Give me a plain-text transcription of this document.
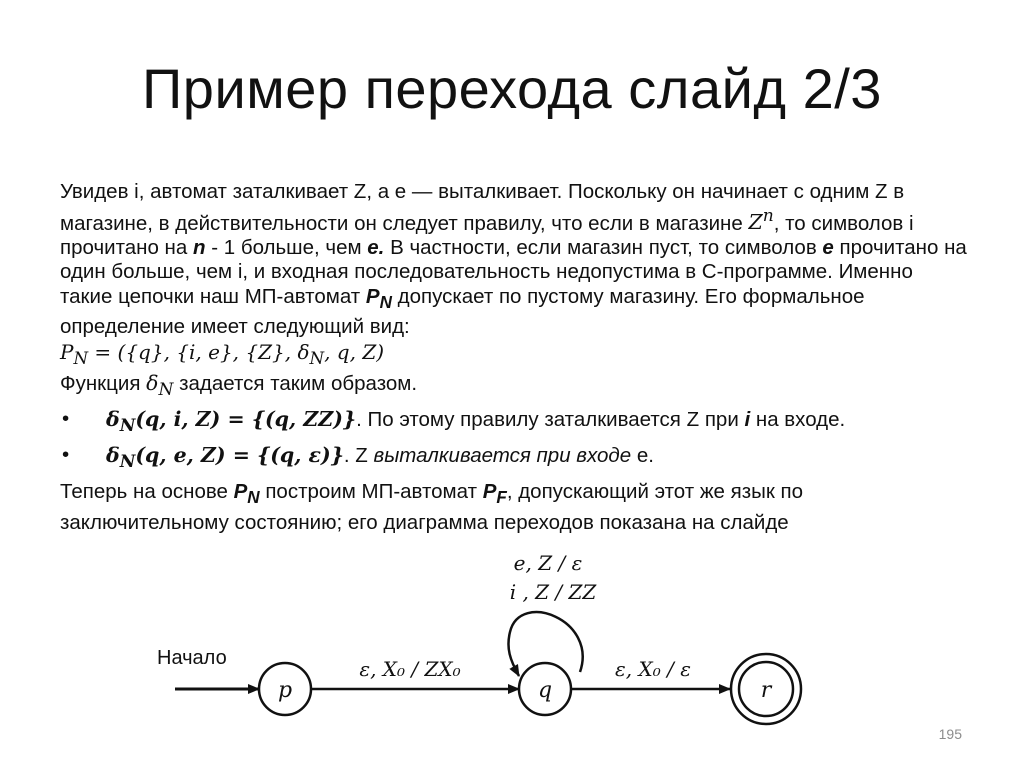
Пример перехода слайд 2/3

Увидев i, автомат заталкивает Z, а e — выталкивает. Поскольку он начинает с одним Z в магазине, в действительности он следует правилу, что если в магазине $Z^n$, то символов i прочитано на n - 1 больше, чем e. В частности, если магазин пуст, то символов e прочитано на один больше, чем i, и входная последовательность недопустима в С-программе. Именно такие цепочки наш МП-автомат $P_N$ допускает по пустому магазину. Его формальное определение имеет следующий вид:

$P_N = (\{q\}$, {i, e}, {Z}, $\delta_N$, q, Z)

Функция $\delta_N$ задается таким образом.

• $\delta_N(q$, i, Z) = {(q, ZZ)}. По этому правилу заталкивается Z при i на входе.

• $\delta_N(q$, e, Z) = {(q, ε)}. Z выталкивается при входе е.

Теперь на основе $P_N$ построим МП-автомат $P_F$, допускающий этот же язык по заключительному состоянию; его диаграмма переходов показана на слайде

Начало
p
ε, X₀ / ZX₀
q
e, Z / ε
i , Z / ZZ
ε, X₀ / ε
r
195
